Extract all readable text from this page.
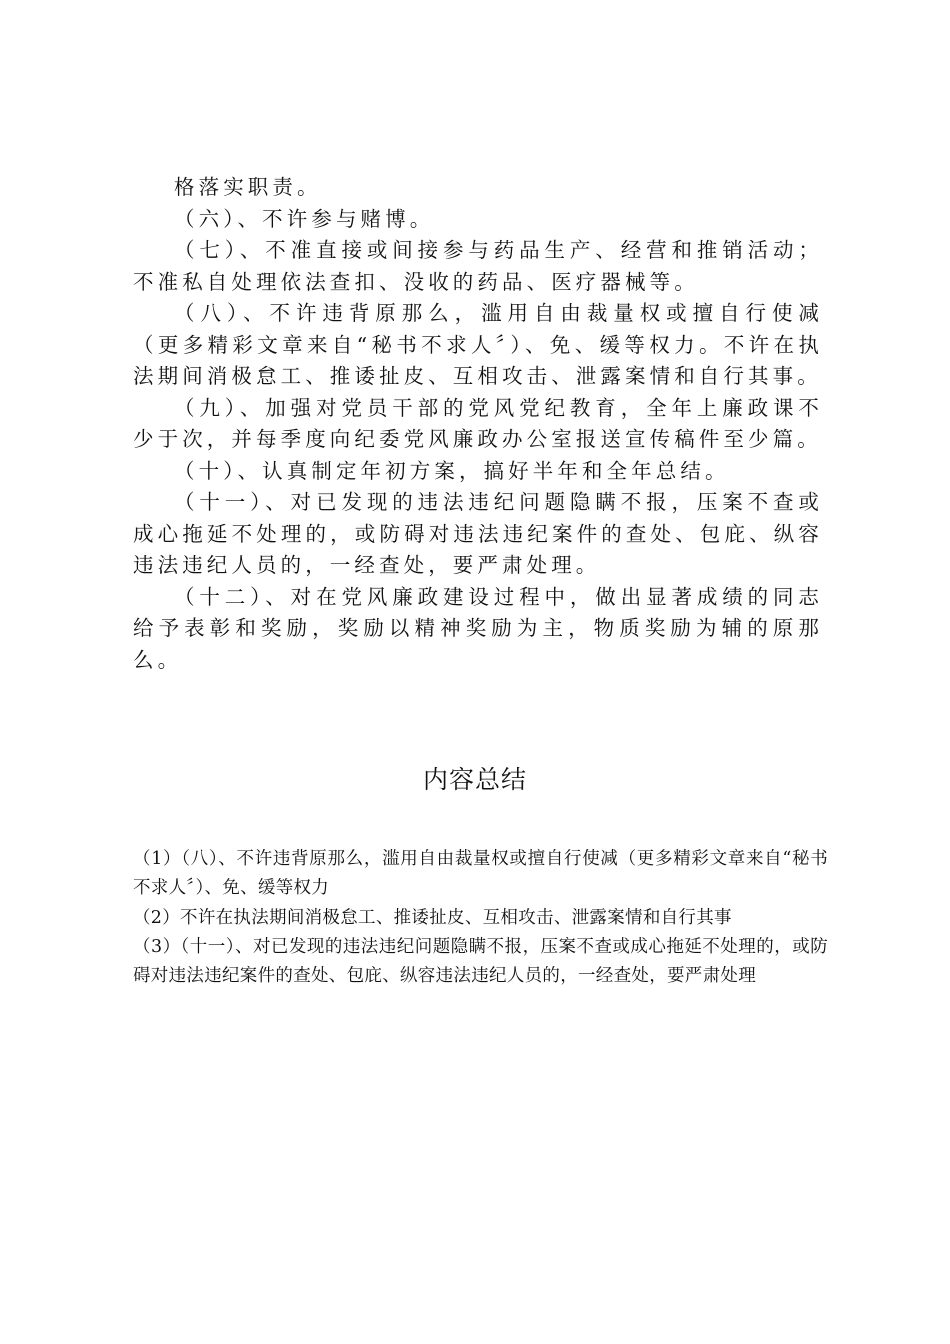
格落实职责。

（六）、不许参与赌博。

（七）、不准直接或间接参与药品生产、经营和推销活动；不准私自处理依法查扣、没收的药品、医疗器械等。

（八）、不许违背原那么，滥用自由裁量权或擅自行使减（更多精彩文章来自“秘书不求人〞）、免、缓等权力。不许在执法期间消极怠工、推诿扯皮、互相攻击、泄露案情和自行其事。

（九）、加强对党员干部的党风党纪教育，全年上廉政课不少于次，并每季度向纪委党风廉政办公室报送宣传稿件至少篇。

（十）、认真制定年初方案，搞好半年和全年总结。

（十一）、对已发现的违法违纪问题隐瞒不报，压案不查或成心拖延不处理的，或防碍对违法违纪案件的查处、包庇、纵容违法违纪人员的，一经查处，要严肃处理。

（十二）、对在党风廉政建设过程中，做出显著成绩的同志给予表彰和奖励，奖励以精神奖励为主，物质奖励为辅的原那么。

内容总结

（1）（八）、不许违背原那么，滥用自由裁量权或擅自行使减（更多精彩文章来自“秘书不求人〞）、免、缓等权力

（2）不许在执法期间消极怠工、推诿扯皮、互相攻击、泄露案情和自行其事

（3）（十一）、对已发现的违法违纪问题隐瞒不报，压案不查或成心拖延不处理的，或防碍对违法违纪案件的查处、包庇、纵容违法违纪人员的，一经查处，要严肃处理
